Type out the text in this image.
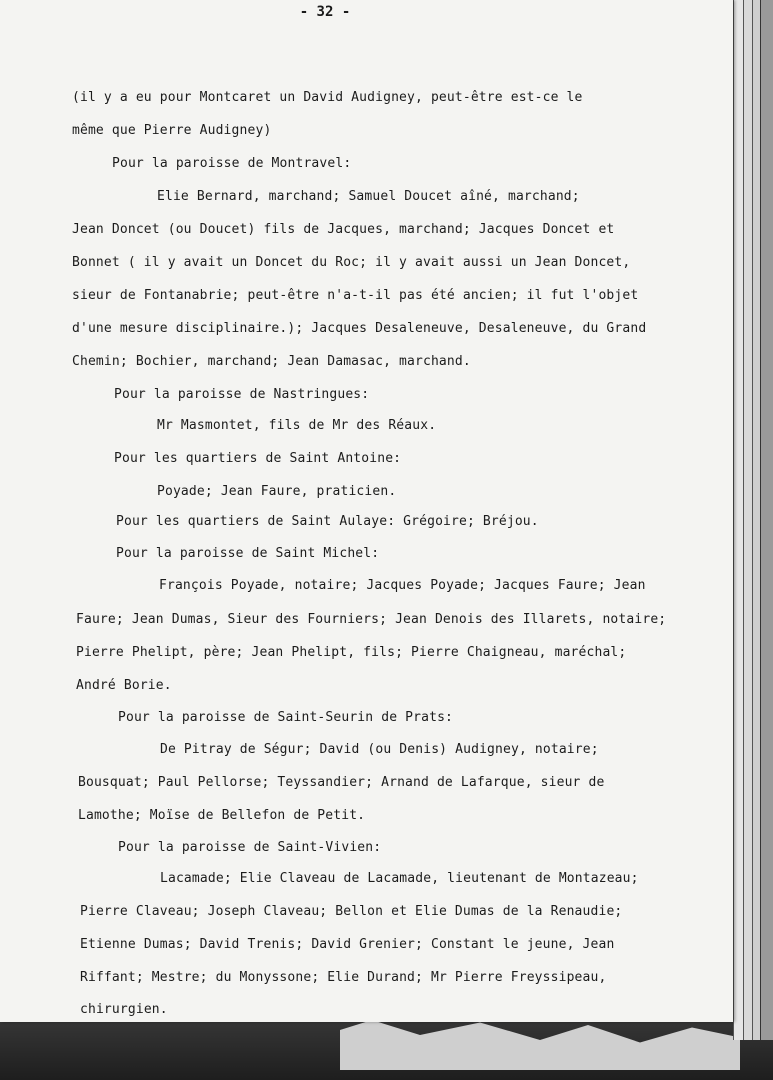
- 32 -
(il y a eu pour Montcaret un David Audigney, peut-être est-ce le
même que Pierre Audigney)
Pour la paroisse de Montravel:
Elie Bernard, marchand; Samuel Doucet aîné, marchand;
Jean Doncet (ou Doucet) fils de Jacques, marchand; Jacques Doncet et
Bonnet ( il y avait un Doncet du Roc; il y avait aussi un Jean Doncet,
sieur de Fontanabrie; peut-être n'a-t-il pas été ancien; il fut l'objet
d'une mesure disciplinaire.); Jacques Desaleneuve, Desaleneuve, du Grand
Chemin; Bochier, marchand; Jean Damasac, marchand.
Pour la paroisse de Nastringues:
Mr Masmontet, fils de Mr des Réaux.
Pour les quartiers de Saint Antoine:
Poyade; Jean Faure, praticien.
Pour les quartiers de Saint Aulaye: Grégoire; Bréjou.
Pour la paroisse de Saint Michel:
François Poyade, notaire; Jacques Poyade; Jacques Faure; Jean
Faure; Jean Dumas, Sieur des Fourniers; Jean Denois des Illarets, notaire;
Pierre Phelipt, père; Jean Phelipt, fils; Pierre Chaigneau, maréchal;
André Borie.
Pour la paroisse de Saint-Seurin de Prats:
De Pitray de Ségur; David (ou Denis) Audigney, notaire;
Bousquat; Paul Pellorse; Teyssandier; Arnand de Lafarque, sieur de
Lamothe; Moïse de Bellefon de Petit.
Pour la paroisse de Saint-Vivien:
Lacamade; Elie Claveau de Lacamade, lieutenant de Montazeau;
Pierre Claveau; Joseph Claveau; Bellon et Elie Dumas de la Renaudie;
Etienne Dumas; David Trenis; David Grenier; Constant le jeune, Jean
Riffant; Mestre; du Monyssone; Elie Durand; Mr Pierre Freyssipeau,
chirurgien.
